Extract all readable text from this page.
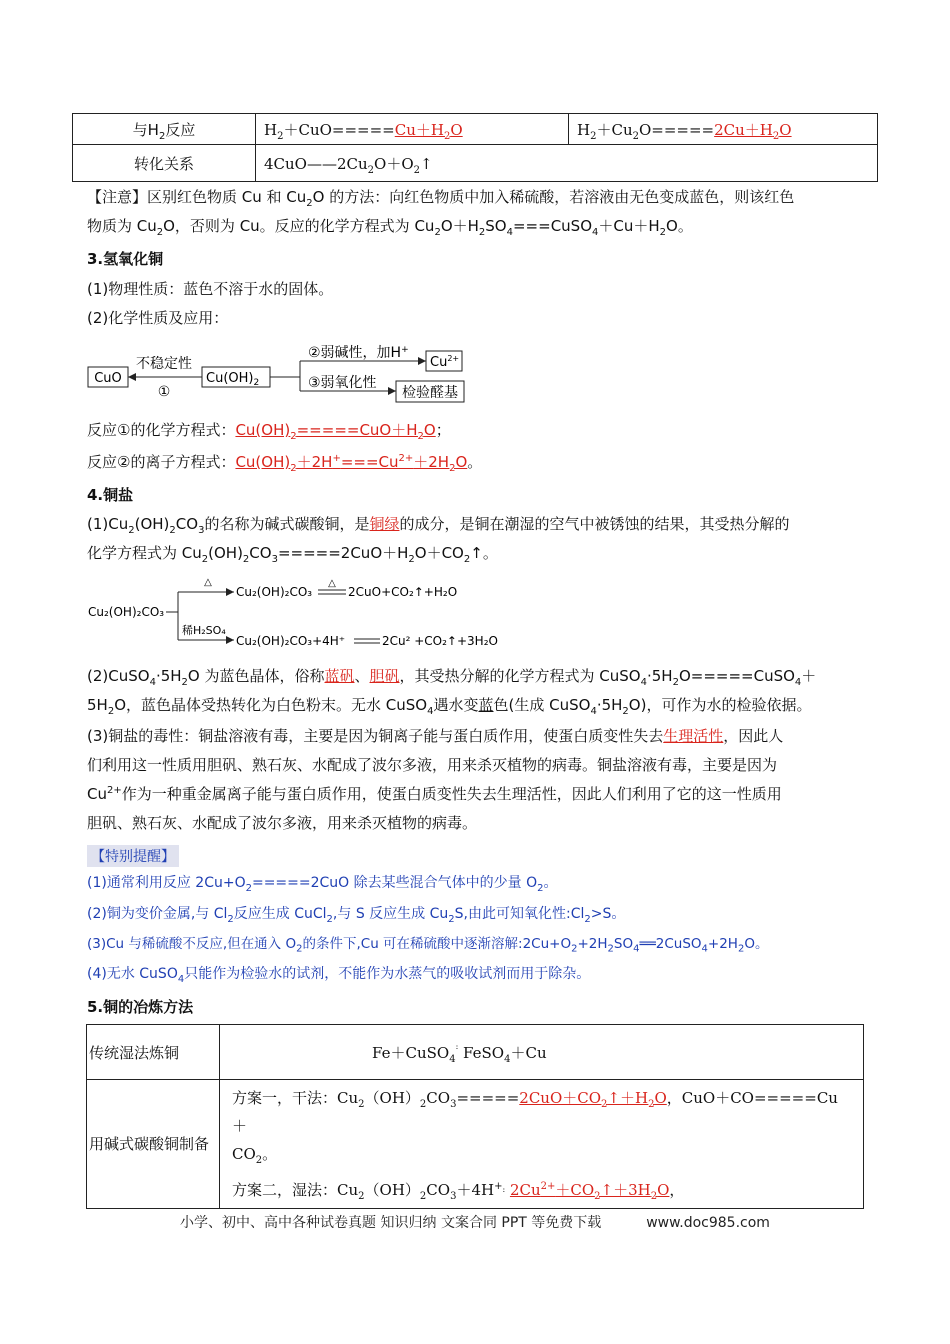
与$H_2$反应	$H_2+CuO=====Cu+H_2O$	$H_2+Cu_2O=====2Cu+H_2O$
转化关系	$4CuO——2Cu_2O+O_2↑$	
【注意】区别红色物质 Cu 和 $Cu_2O$ 的方法：向红色物质中加入稀硫酸，若溶液由无色变成蓝色，则该红色
物质为 $Cu_2O$，否则为 Cu。反应的化学方程式为 $Cu_2O+H_2SO_4===CuSO_4+Cu+H_2O$。
3.氢氧化铜
(1)物理性质：蓝色不溶于水的固体。
(2)化学性质及应用：
CuO
不稳定性
①
$Cu(OH)_2$
②弱碱性，加H+
$Cu^{2+}$
③弱氧化性
检验醛基
反应①的化学方程式：$Cu(OH)_2=====CuO+H_2O$；
反应②的离子方程式：$Cu(OH)_2+2H^+===Cu^{2+}+2H_2O$。
4.铜盐
$(1)Cu_2(OH)_2CO_3$的名称为碱式碳酸铜，是铜绿的成分，是铜在潮湿的空气中被锈蚀的结果，其受热分解的
化学方程式为 $Cu_2(OH)_2CO_3=====2CuO+H_2O+CO_2↑$。
Cu₂(OH)₂CO₃
△
Cu₂(OH)₂CO₃
△
2CuO+CO₂↑+H₂O
稀H₂SO₄
Cu₂(OH)₂CO₃+4H⁺	2Cu² +CO₂↑+3H₂O
$(2)CuSO_4\cdot 5H_2O$ 为蓝色晶体，俗称蓝矾、胆矾，其受热分解的化学方程式为 $CuSO_4\cdot 5H_2O=====CuSO_4+$
$5H_2O$，蓝色晶体受热转化为白色粉末。无水 CuSO$_4$遇水变蓝色(生成 $CuSO_4\cdot 5H_2O$)，可作为水的检验依据。
(3)铜盐的毒性：铜盐溶液有毒，主要是因为铜离子能与蛋白质作用，使蛋白质变性失去生理活性，因此人
们利用这一性质用胆矾、熟石灰、水配成了波尔多液，用来杀灭植物的病毒。铜盐溶液有毒，主要是因为
$Cu^{2+}$作为一种重金属离子能与蛋白质作用，使蛋白质变性失去生理活性，因此人们利用了它的这一性质用
胆矾、熟石灰、水配成了波尔多液，用来杀灭植物的病毒。
【特别提醒】
(1)通常利用反应 $2Cu+O_2=====2CuO$ 除去某些混合气体中的少量 $O_2$。
(2)铜为变价金属,与 $Cl_2$反应生成 CuCl$_2$,与 S 反应生成 $Cu_2S$,由此可知氧化性$:Cl_2>S$。
(3)Cu 与稀硫酸不反应,但在通入 $O_2$的条件下,Cu 可在稀硫酸中逐渐溶解$:2Cu+O_2+2H_2SO_4══2CuSO_4+2H_2O$。
(4)无水 CuSO$_4$只能作为检验水的试剂，不能作为水蒸气的吸收试剂而用于除杂。
5.铜的冶炼方法
传统湿法炼铜	Fe＋CuSO$_4$: FeSO$_4$＋Cu
用碱式碳酸铜制备	方案一，干法：$Cu_2(OH)_2CO_3=====2CuO+CO_2↑+H_2O$，CuO＋CO=====Cu＋
$CO_2$。

方案二，湿法：$Cu_2(OH)_2CO_3+4H^{+:}$ $2Cu^{2+}+CO_2↑+3H_2O$，
小学、初中、高中各种试卷真题 知识归纳 文案合同 PPT 等免费下载	www.doc985.com
